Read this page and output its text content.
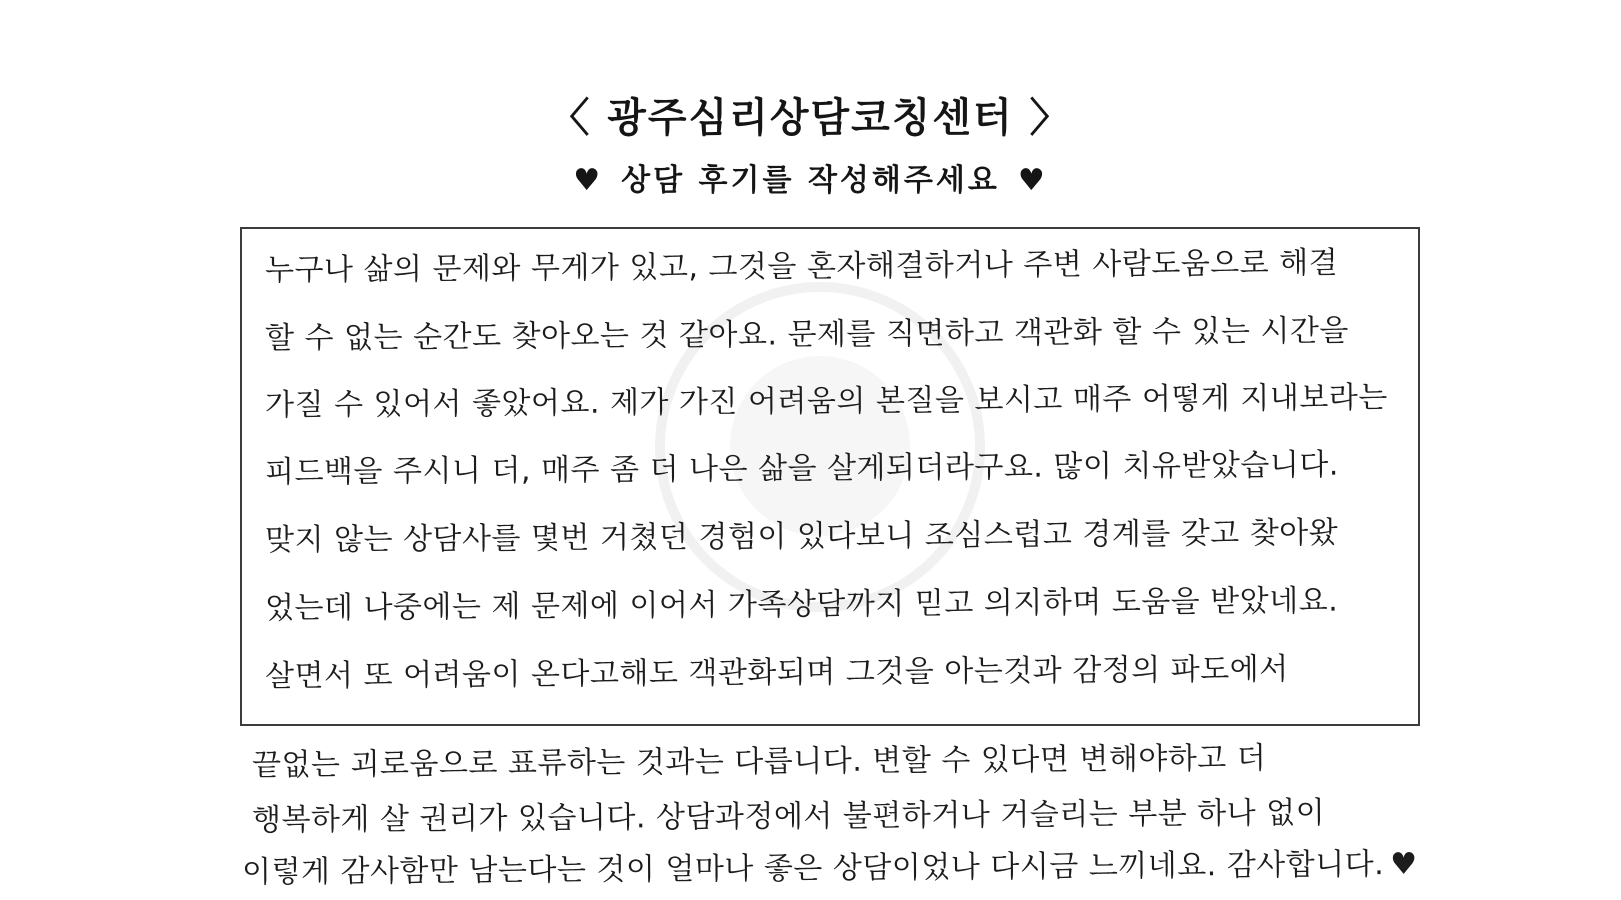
〈 광주심리상담코칭센터 〉
♥ 상담 후기를 작성해주세요 ♥
누구나 삶의 문제와 무게가 있고, 그것을 혼자해결하거나 주변 사람도움으로 해결
할 수 없는 순간도 찾아오는 것 같아요. 문제를 직면하고 객관화 할 수 있는 시간을
가질 수 있어서 좋았어요. 제가 가진 어려움의 본질을 보시고 매주 어떻게 지내보라는
피드백을 주시니 더, 매주 좀 더 나은 삶을 살게되더라구요. 많이 치유받았습니다.
맞지 않는 상담사를 몇번 거쳤던 경험이 있다보니 조심스럽고 경계를 갖고 찾아왔
었는데 나중에는 제 문제에 이어서 가족상담까지 믿고 의지하며 도움을 받았네요.
살면서 또 어려움이 온다고해도 객관화되며 그것을 아는것과 감정의 파도에서
끝없는 괴로움으로 표류하는 것과는 다릅니다. 변할 수 있다면 변해야하고 더
행복하게 살 권리가 있습니다. 상담과정에서 불편하거나 거슬리는 부분 하나 없이
이렇게 감사함만 남는다는 것이 얼마나 좋은 상담이었나 다시금 느끼네요. 감사합니다. ♥
